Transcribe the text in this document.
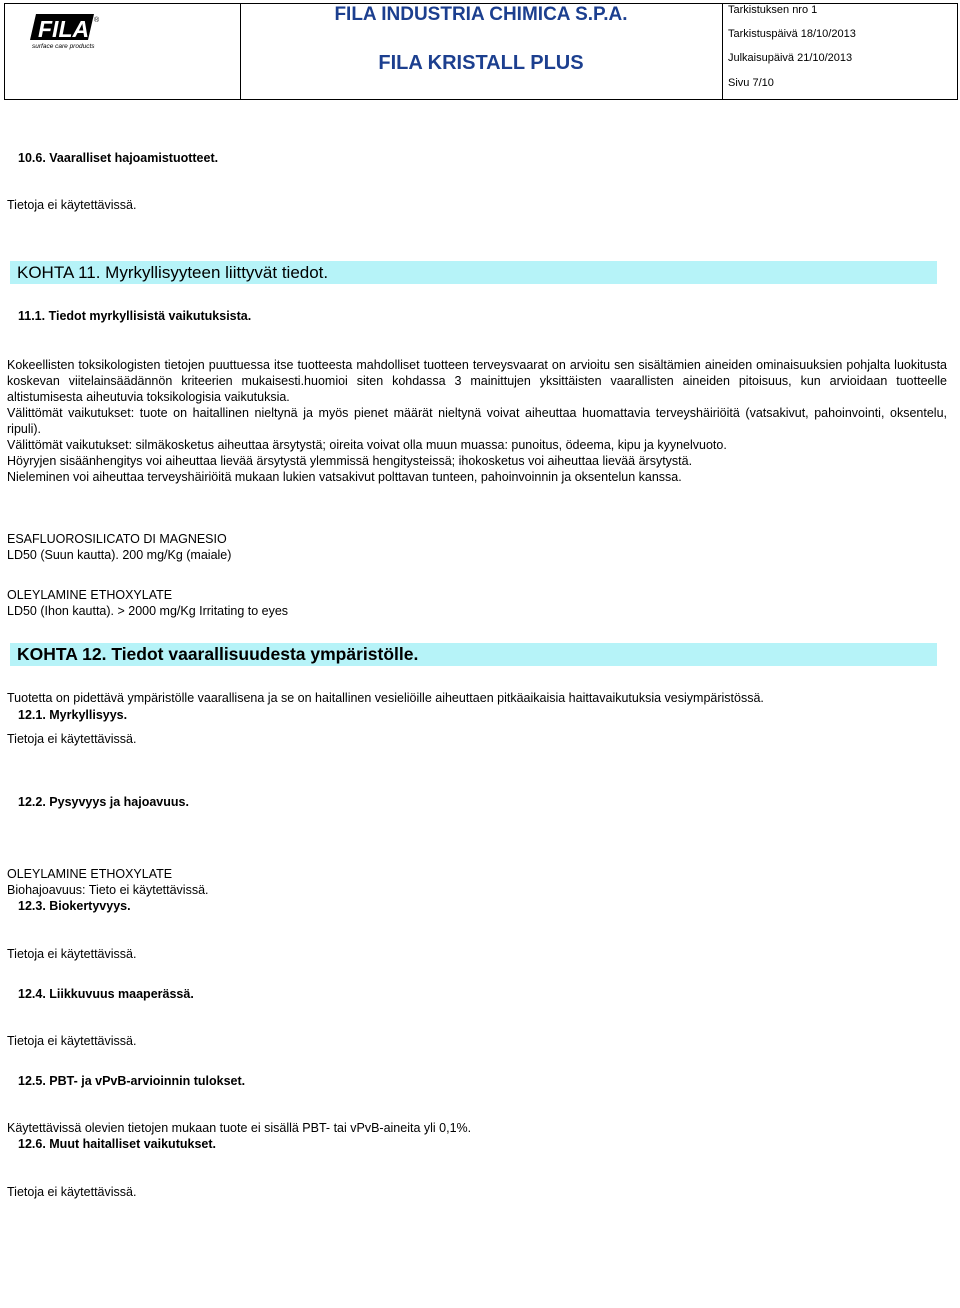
FILA ®
surface care products
FILA INDUSTRIA CHIMICA S.P.A.
FILA KRISTALL PLUS
Tarkistuksen nro 1
Tarkistuspäivä 18/10/2013
Julkaisupäivä 21/10/2013
Sivu 7/10
10.6. Vaaralliset hajoamistuotteet.
Tietoja ei käytettävissä.
KOHTA 11. Myrkyllisyyteen liittyvät tiedot.
11.1. Tiedot myrkyllisistä vaikutuksista.
Kokeellisten toksikologisten tietojen puuttuessa itse tuotteesta mahdolliset tuotteen terveysvaarat on arvioitu sen sisältämien aineiden ominaisuuksien pohjalta luokitusta koskevan viitelainsäädännön kriteerien mukaisesti.huomioi siten kohdassa 3 mainittujen yksittäisten vaarallisten aineiden pitoisuus, kun arvioidaan tuotteelle altistumisesta aiheutuvia toksikologisia vaikutuksia.
Välittömät vaikutukset: tuote on haitallinen nieltynä ja myös pienet määrät nieltynä voivat aiheuttaa huomattavia terveyshäiriöitä (vatsakivut, pahoinvointi, oksentelu, ripuli).
Välittömät vaikutukset: silmäkosketus aiheuttaa ärsytystä; oireita voivat olla muun muassa: punoitus, ödeema, kipu ja kyynelvuoto.
Höyryjen sisäänhengitys voi aiheuttaa lievää ärsytystä ylemmissä hengitysteissä; ihokosketus voi aiheuttaa lievää ärsytystä.
Nieleminen voi aiheuttaa terveyshäiriöitä mukaan lukien vatsakivut polttavan tunteen, pahoinvoinnin ja oksentelun kanssa.
ESAFLUOROSILICATO DI MAGNESIO
LD50 (Suun kautta). 200 mg/Kg (maiale)
OLEYLAMINE ETHOXYLATE
LD50 (Ihon kautta). > 2000 mg/Kg Irritating to eyes
KOHTA 12. Tiedot vaarallisuudesta ympäristölle.
Tuotetta on pidettävä ympäristölle vaarallisena ja se on haitallinen vesieliöille aiheuttaen pitkäaikaisia haittavaikutuksia vesiympäristössä.
12.1. Myrkyllisyys.
Tietoja ei käytettävissä.
12.2. Pysyvyys ja hajoavuus.
OLEYLAMINE ETHOXYLATE
Biohajoavuus: Tieto ei käytettävissä.
12.3. Biokertyvyys.
Tietoja ei käytettävissä.
12.4. Liikkuvuus maaperässä.
Tietoja ei käytettävissä.
12.5. PBT- ja vPvB-arvioinnin tulokset.
Käytettävissä olevien tietojen mukaan tuote ei sisällä PBT- tai vPvB-aineita yli 0,1%.
12.6. Muut haitalliset vaikutukset.
Tietoja ei käytettävissä.
